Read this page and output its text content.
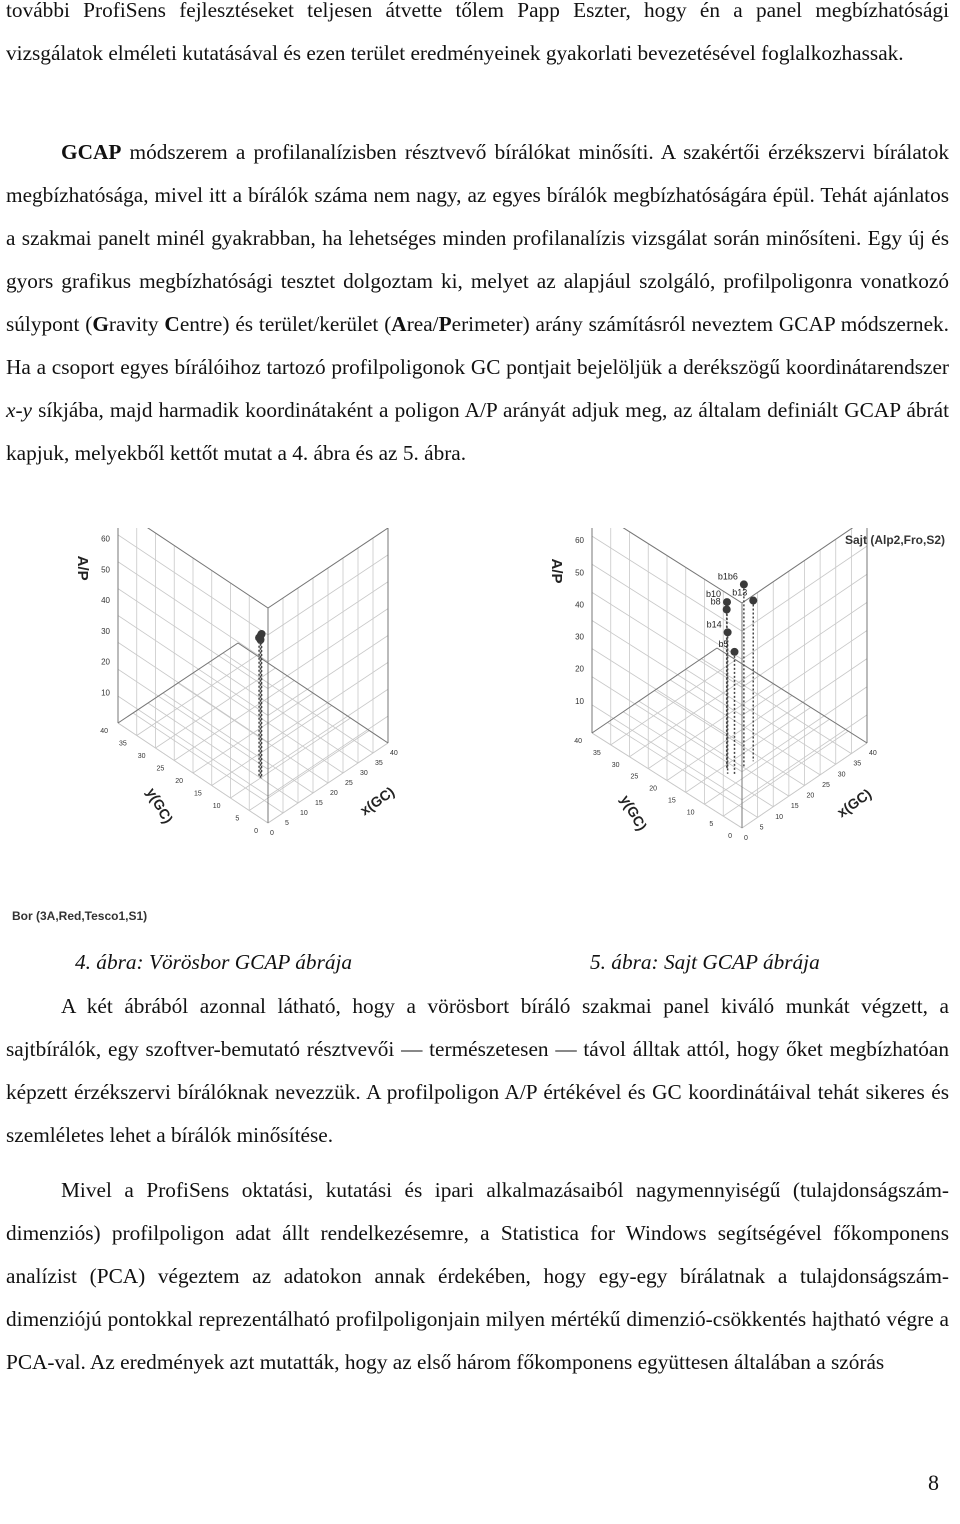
további ProfiSens fejlesztéseket teljesen átvette tőlem Papp Eszter, hogy én a panel megbízhatósági vizsgálatok elméleti kutatásával és ezen terület eredményeinek gyakorlati bevezetésével foglalkozhassak.

GCAP módszerem a profilanalízisben résztvevő bírálókat minősíti. A szakértői érzékszervi bírálatok megbízhatósága, mivel itt a bírálók száma nem nagy, az egyes bírálók megbízhatóságára épül. Tehát ajánlatos a szakmai panelt minél gyakrabban, ha lehetséges minden profilanalízis vizsgálat során minősíteni. Egy új és gyors grafikus megbízhatósági tesztet dolgoztam ki, melyet az alapjául szolgáló, profilpoligonra vonatkozó súlypont (Gravity Centre) és terület/kerület (Area/Perimeter) arány számításról neveztem GCAP módszernek. Ha a csoport egyes bírálóihoz tartozó profilpoligonok GC pontjait bejelöljük a derékszögű koordinátarendszer x-y síkjába, majd harmadik koordinátaként a poligon A/P arányát adjuk meg, az általam definiált GCAP ábrát kapjuk, melyekből kettőt mutat a 4. ábra és az 5. ábra.

10
20
30
40
50
60
0
5
10
15
20
25
30
35
40
0
5
10
15
20
25
30
35
40
A/P
y(GC)	x(GC)
Bor (3A,Red,Tesco1,S1)
10
20
30
40
50
60
0
5
10
15
20
25
30
35
40
0
5
10
15
20
25
30
35
40
A/P
y(GC)	x(GC)
b1b6
b10
b8
b13
b14
b5
Sajt (Alp2,Fro,S2)
4. ábra: Vörösbor GCAP ábrája	5. ábra: Sajt GCAP ábrája

A két ábrából azonnal látható, hogy a vörösbort bíráló szakmai panel kiváló munkát végzett, a sajtbírálók, egy szoftver-bemutató résztvevői — természetesen — távol álltak attól, hogy őket megbízhatóan képzett érzékszervi bírálóknak nevezzük. A profilpoligon A/P értékével és GC koordinátáival tehát sikeres és szemléletes lehet a bírálók minősítése.

Mivel a ProfiSens oktatási, kutatási és ipari alkalmazásaiból nagymennyiségű (tulajdonságszám-dimenziós) profilpoligon adat állt rendelkezésemre, a Statistica for Windows segítségével főkomponens analízist (PCA) végeztem az adatokon annak érdekében, hogy egy-egy bírálatnak a tulajdonságszám-dimenziójú pontokkal reprezentálható profilpoligonjain milyen mértékű dimenzió-csökkentés hajtható végre a PCA-val. Az eredmények azt mutatták, hogy az első három főkomponens együttesen általában a szórás

8
